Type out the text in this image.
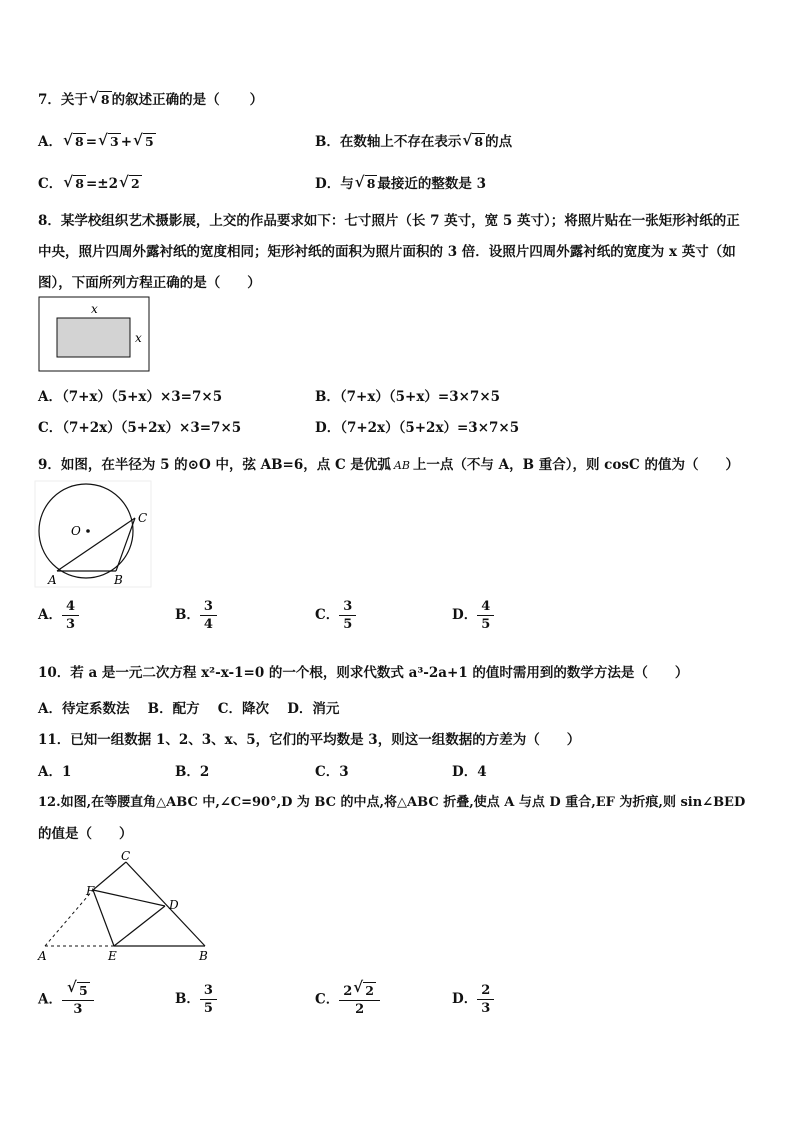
7．关于 √ 8 的叙述正确的是（ ）
A． √ 8 = √ 3 + √ 5	B．在数轴上不存在表示 √ 8 的点
C． √ 8 =±2 √ 2	D．与 √ 8 最接近的整数是 3
8．某学校组织艺术摄影展，上交的作品要求如下：七寸照片（长 7 英寸，宽 5 英寸）；将照片贴在一张矩形衬纸的正
中央，照片四周外露衬纸的宽度相同；矩形衬纸的面积为照片面积的 3 倍．设照片四周外露衬纸的宽度为 x 英寸（如
图），下面所列方程正确的是（　　）
x
x
A．（7+x）（5+x）×3=7×5	B．（7+x）（5+x）=3×7×5
C．（7+2x）（5+2x）×3=7×5	D．（7+2x）（5+2x）=3×7×5
9．如图，在半径为 5 的⊙O 中，弦 AB=6，点 C 是优弧 AB 上一点（不与 A，B 重合），则 cosC 的值为（　　）
O
A	B
C
A． $\frac{4}{3}$	B． $\frac{3}{4}$	C． $\frac{3}{5}$	D． $\frac{4}{5}$
10．若 a 是一元二次方程 x²-x-1=0 的一个根，则求代数式 a³-2a+1 的值时需用到的数学方法是（　　）
A．待定系数法　 B．配方　 C．降次　 D．消元
11．已知一组数据 1、2、3、x、5，它们的平均数是 3，则这一组数据的方差为（　　）
A．1	B．2	C．3	D．4
12.如图,在等腰直角△ABC 中,∠C=90°,D 为 BC 的中点,将△ABC 折叠,使点 A 与点 D 重合,EF 为折痕,则 sin∠BED
的值是（　　）
C
F
D
A	E	B
A． √ $\frac{5}{3}$	B． $\frac{3}{5}$	C． $\frac{2 √ 2}{2}$	D． $\frac{2}{3}$
